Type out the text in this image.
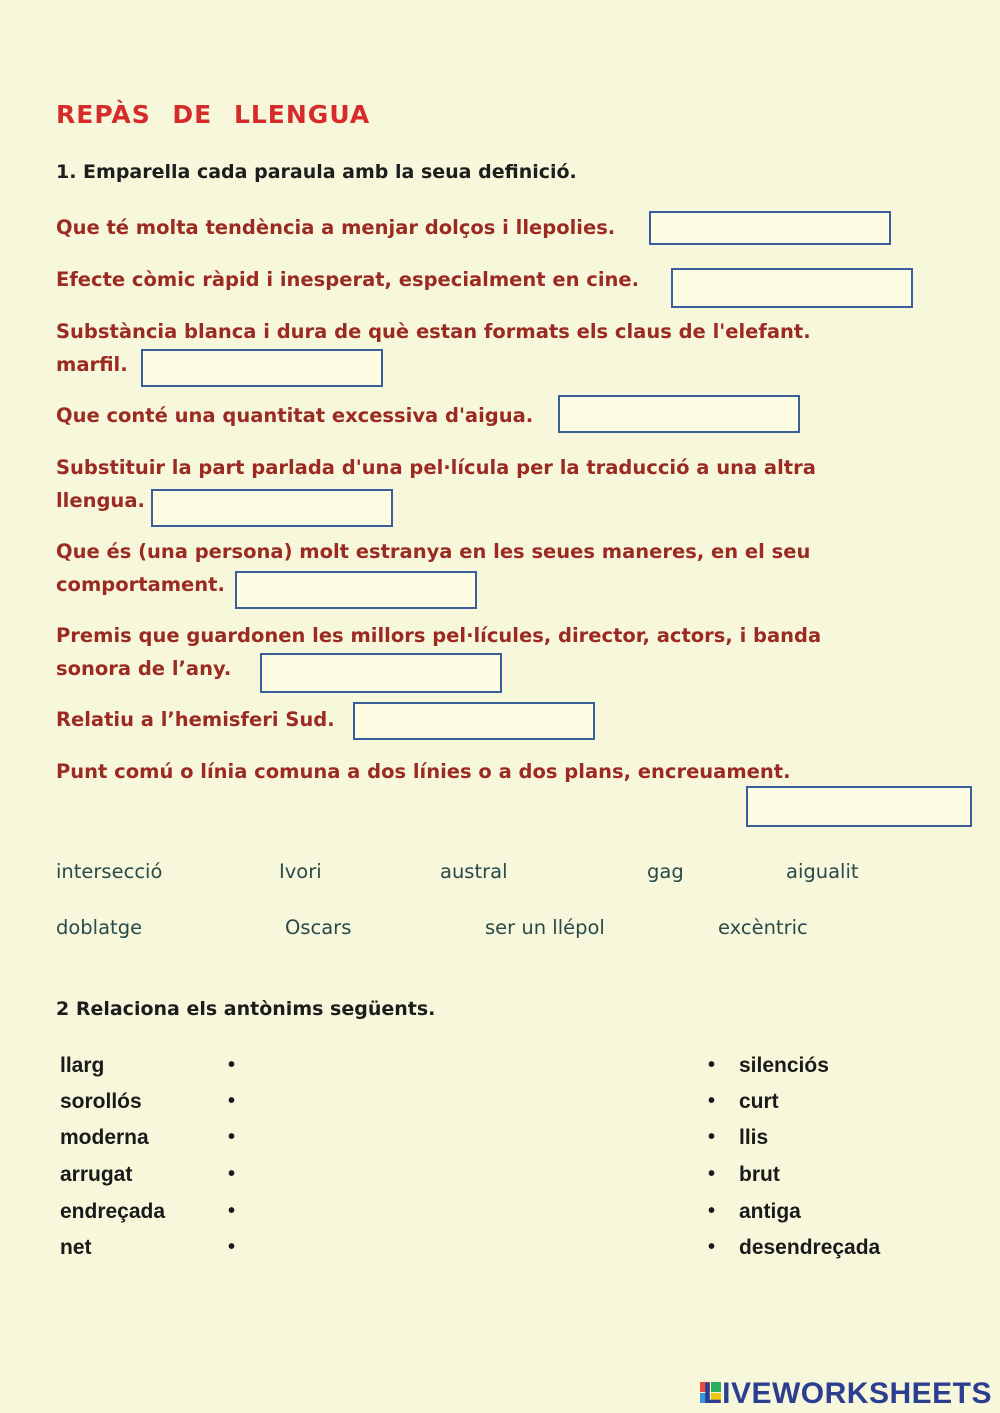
REPÀS DE LLENGUA
1. Emparella cada paraula amb la seua definició.
Que té molta tendència a menjar dolços i llepolies.
Efecte còmic ràpid i inesperat, especialment en cine.
Substància blanca i dura de què estan formats els claus de l'elefant.
marfil.
Que conté una quantitat excessiva d'aigua.
Substituir la part parlada d'una pel·lícula per la traducció a una altra
llengua.
Que és (una persona) molt estranya en les seues maneres, en el seu
comportament.
Premis que guardonen les millors pel·lícules, director, actors, i banda
sonora de l’any.
Relatiu a l’hemisferi Sud.
Punt comú o línia comuna a dos línies o a dos plans, encreuament.
intersecció	Ivori	austral	gag	aigualit
doblatge	Oscars	ser un llépol	excèntric
2 Relaciona els antònims següents.
llarg	•	• silenciós
sorollós	•	• curt
moderna	•	• llis
arrugat	•	• brut
endreçada	•	• antiga
net	•	• desendreçada
LIVEWORKSHEETS
